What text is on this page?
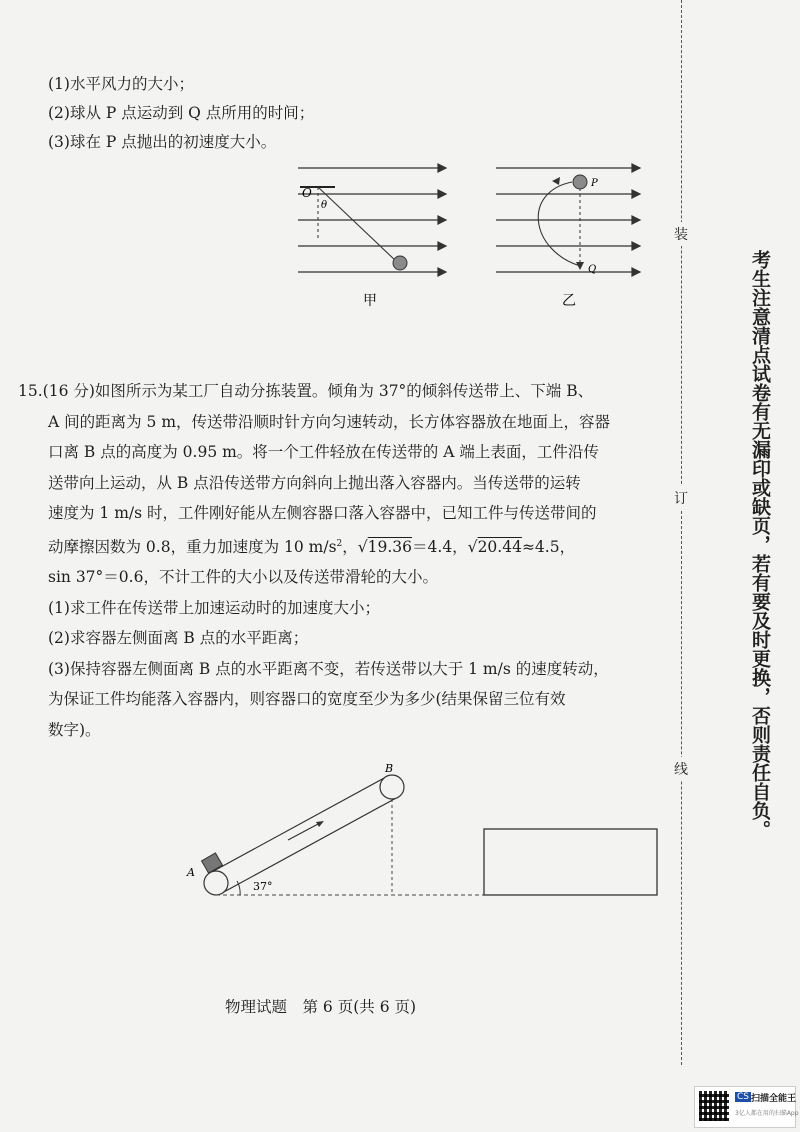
(1)水平风力的大小；
(2)球从 P 点运动到 Q 点所用的时间；
(3)球在 P 点抛出的初速度大小。
O
θ
甲
P
Q
乙

15.(16 分)如图所示为某工厂自动分拣装置。倾角为 37°的倾斜传送带上、下端 B、

A 间的距离为 5 m，传送带沿顺时针方向匀速转动，长方体容器放在地面上，容器

口离 B 点的高度为 0.95 m。将一个工件轻放在传送带的 A 端上表面，工件沿传

送带向上运动，从 B 点沿传送带方向斜向上抛出落入容器内。当传送带的运转

速度为 1 m/s 时，工件刚好能从左侧容器口落入容器中，已知工件与传送带间的

动摩擦因数为 0.8，重力加速度为 10 $m/s^2$，√19.36＝4.4，√20.44≈4.5，

sin 37°＝0.6，不计工件的大小以及传送带滑轮的大小。

(1)求工件在传送带上加速运动时的加速度大小；

(2)求容器左侧面离 B 点的水平距离；

(3)保持容器左侧面离 B 点的水平距离不变，若传送带以大于 1 m/s 的速度转动，

为保证工件均能落入容器内，则容器口的宽度至少为多少(结果保留三位有效

数字)。

A
B
37°
物理试题　第 6 页(共 6 页)
装
订
线	考生注意清点试卷有无漏印或缺页，若有要及时更换，否则责任自负。
CS 扫描全能王
3亿人都在用的扫描App
